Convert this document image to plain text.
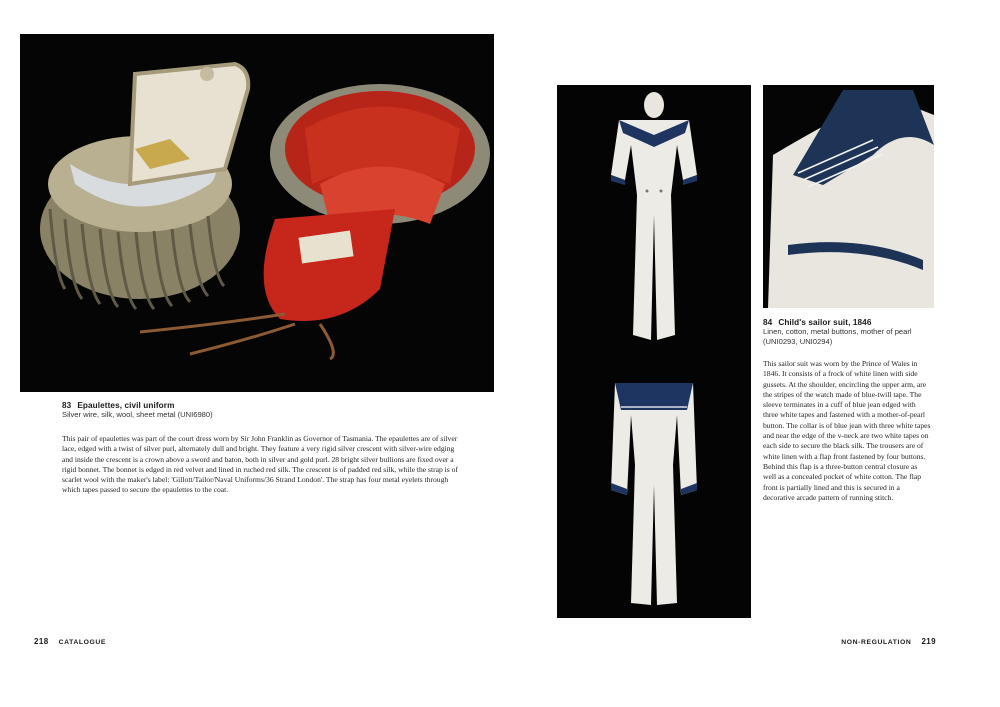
83 Epaulettes, civil uniform
Silver wire, silk, wool, sheet metal (UNI6980)

This pair of epaulettes was part of the court dress worn by Sir John Franklin as Governor of Tasmania. The epaulettes are of silver lace, edged with a twist of silver purl, alternately dull and bright. They feature a very rigid silver crescent with silver-wire edging and inside the crescent is a crown above a sword and baton, both in silver and gold purl. 28 bright silver bullions are fixed over a rigid bonnet. The bonnet is edged in red velvet and lined in ruched red silk. The crescent is of padded red silk, while the strap is of scarlet wool with the maker's label: 'Gillott/Tailor/Naval Uniforms/36 Strand London'. The strap has four metal eyelets through which tapes passed to secure the epaulettes to the coat.

84 Child's sailor suit, 1846
Linen, cotton, metal buttons, mother of pearl (UNI0293, UNI0294)

This sailor suit was worn by the Prince of Wales in 1846. It consists of a frock of white linen with side gussets. At the shoulder, encircling the upper arm, are the stripes of the watch made of blue-twill tape. The sleeve terminates in a cuff of blue jean edged with three white tapes and fastened with a mother-of-pearl button. The collar is of blue jean with three white tapes and near the edge of the v-neck are two white tapes on each side to secure the black silk. The trousers are of white linen with a flap front fastened by four buttons. Behind this flap is a three-button central closure as well as a concealed pocket of white cotton. The flap front is partially lined and this is secured in a decorative arcade pattern of running stitch.

218 CATALOGUE	NON-REGULATION 219
